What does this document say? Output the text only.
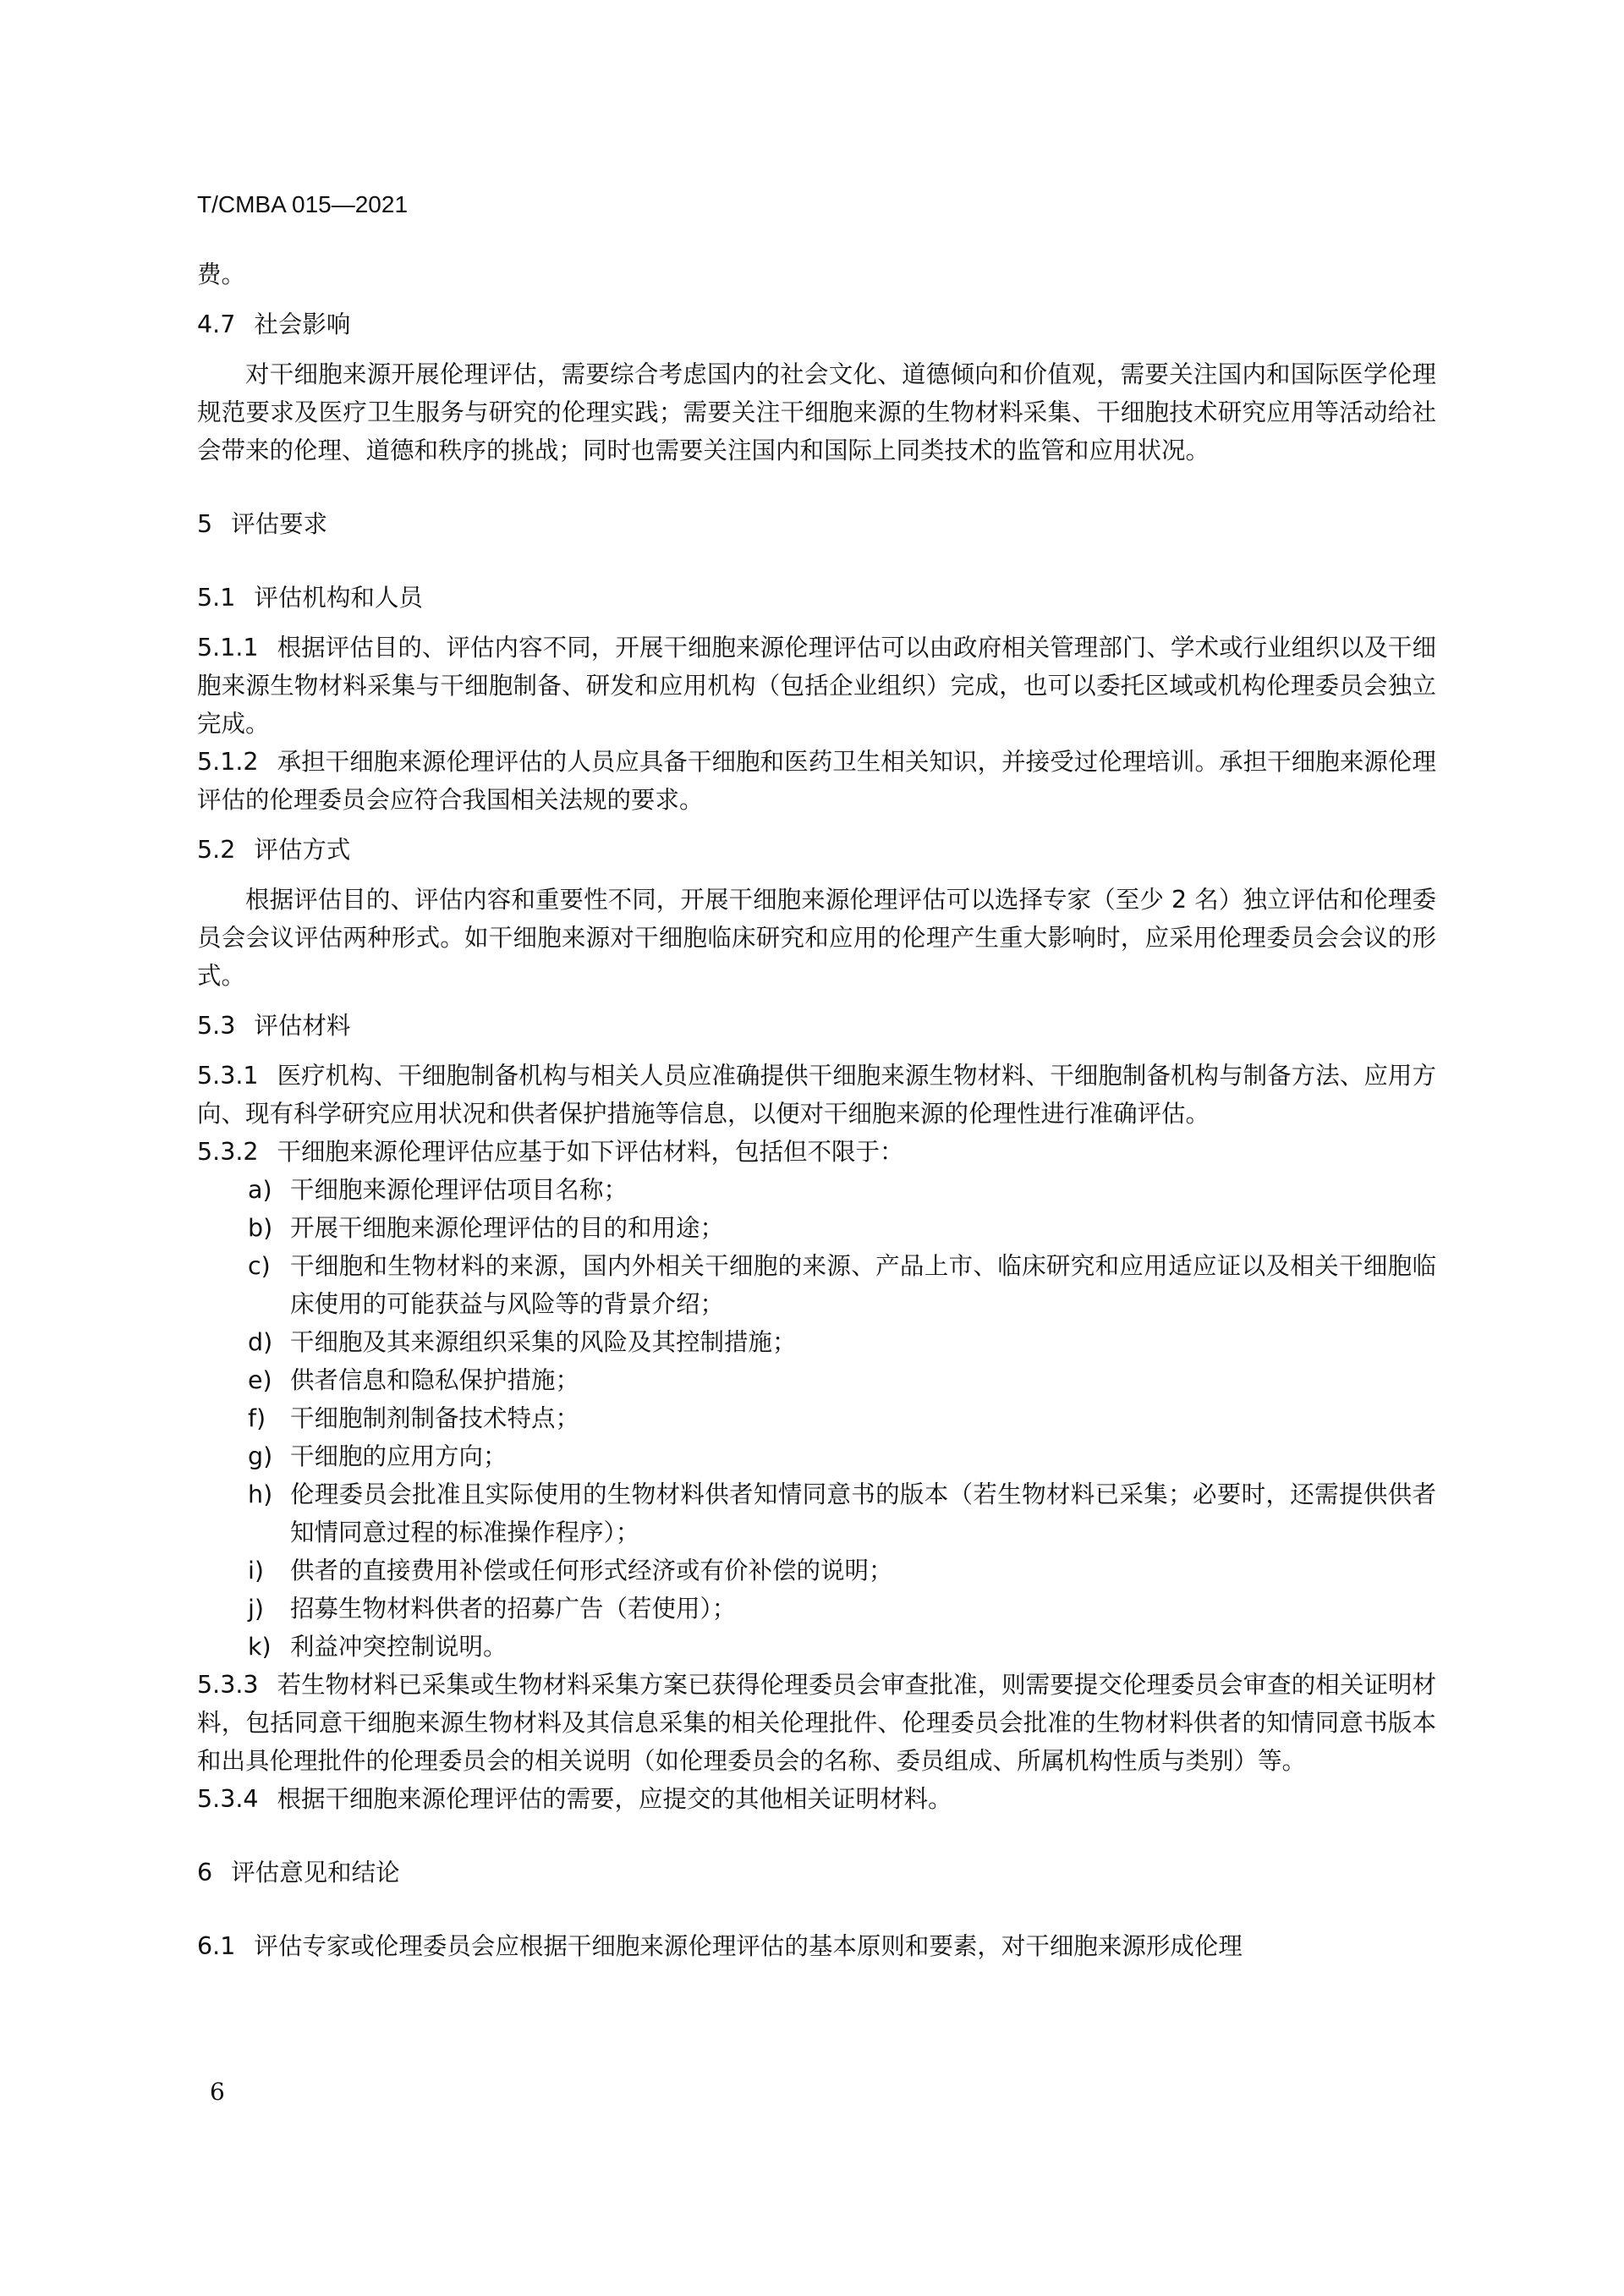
T/CMBA 015—2021

费。

4.7 社会影响

对干细胞来源开展伦理评估，需要综合考虑国内的社会文化、道德倾向和价值观，需要关注国内和国际医学伦理规范要求及医疗卫生服务与研究的伦理实践；需要关注干细胞来源的生物材料采集、干细胞技术研究应用等活动给社会带来的伦理、道德和秩序的挑战；同时也需要关注国内和国际上同类技术的监管和应用状况。

5 评估要求

5.1 评估机构和人员

5.1.1 根据评估目的、评估内容不同，开展干细胞来源伦理评估可以由政府相关管理部门、学术或行业组织以及干细胞来源生物材料采集与干细胞制备、研发和应用机构（包括企业组织）完成，也可以委托区域或机构伦理委员会独立完成。

5.1.2 承担干细胞来源伦理评估的人员应具备干细胞和医药卫生相关知识，并接受过伦理培训。承担干细胞来源伦理评估的伦理委员会应符合我国相关法规的要求。

5.2 评估方式

根据评估目的、评估内容和重要性不同，开展干细胞来源伦理评估可以选择专家（至少 2 名）独立评估和伦理委员会会议评估两种形式。如干细胞来源对干细胞临床研究和应用的伦理产生重大影响时，应采用伦理委员会会议的形式。

5.3 评估材料

5.3.1 医疗机构、干细胞制备机构与相关人员应准确提供干细胞来源生物材料、干细胞制备机构与制备方法、应用方向、现有科学研究应用状况和供者保护措施等信息，以便对干细胞来源的伦理性进行准确评估。

5.3.2 干细胞来源伦理评估应基于如下评估材料，包括但不限于：

a) 干细胞来源伦理评估项目名称；
b) 开展干细胞来源伦理评估的目的和用途；
c) 干细胞和生物材料的来源，国内外相关干细胞的来源、产品上市、临床研究和应用适应证以及相关干细胞临床使用的可能获益与风险等的背景介绍；
d) 干细胞及其来源组织采集的风险及其控制措施；
e) 供者信息和隐私保护措施；
f)	干细胞制剂制备技术特点；
g) 干细胞的应用方向；
h) 伦理委员会批准且实际使用的生物材料供者知情同意书的版本（若生物材料已采集；必要时，还需提供供者知情同意过程的标准操作程序）；
i)	供者的直接费用补偿或任何形式经济或有价补偿的说明；
j)	招募生物材料供者的招募广告（若使用）；
k) 利益冲突控制说明。

5.3.3 若生物材料已采集或生物材料采集方案已获得伦理委员会审查批准，则需要提交伦理委员会审查的相关证明材料，包括同意干细胞来源生物材料及其信息采集的相关伦理批件、伦理委员会批准的生物材料供者的知情同意书版本和出具伦理批件的伦理委员会的相关说明（如伦理委员会的名称、委员组成、所属机构性质与类别）等。

5.3.4 根据干细胞来源伦理评估的需要，应提交的其他相关证明材料。

6 评估意见和结论

6.1 评估专家或伦理委员会应根据干细胞来源伦理评估的基本原则和要素，对干细胞来源形成伦理

6
